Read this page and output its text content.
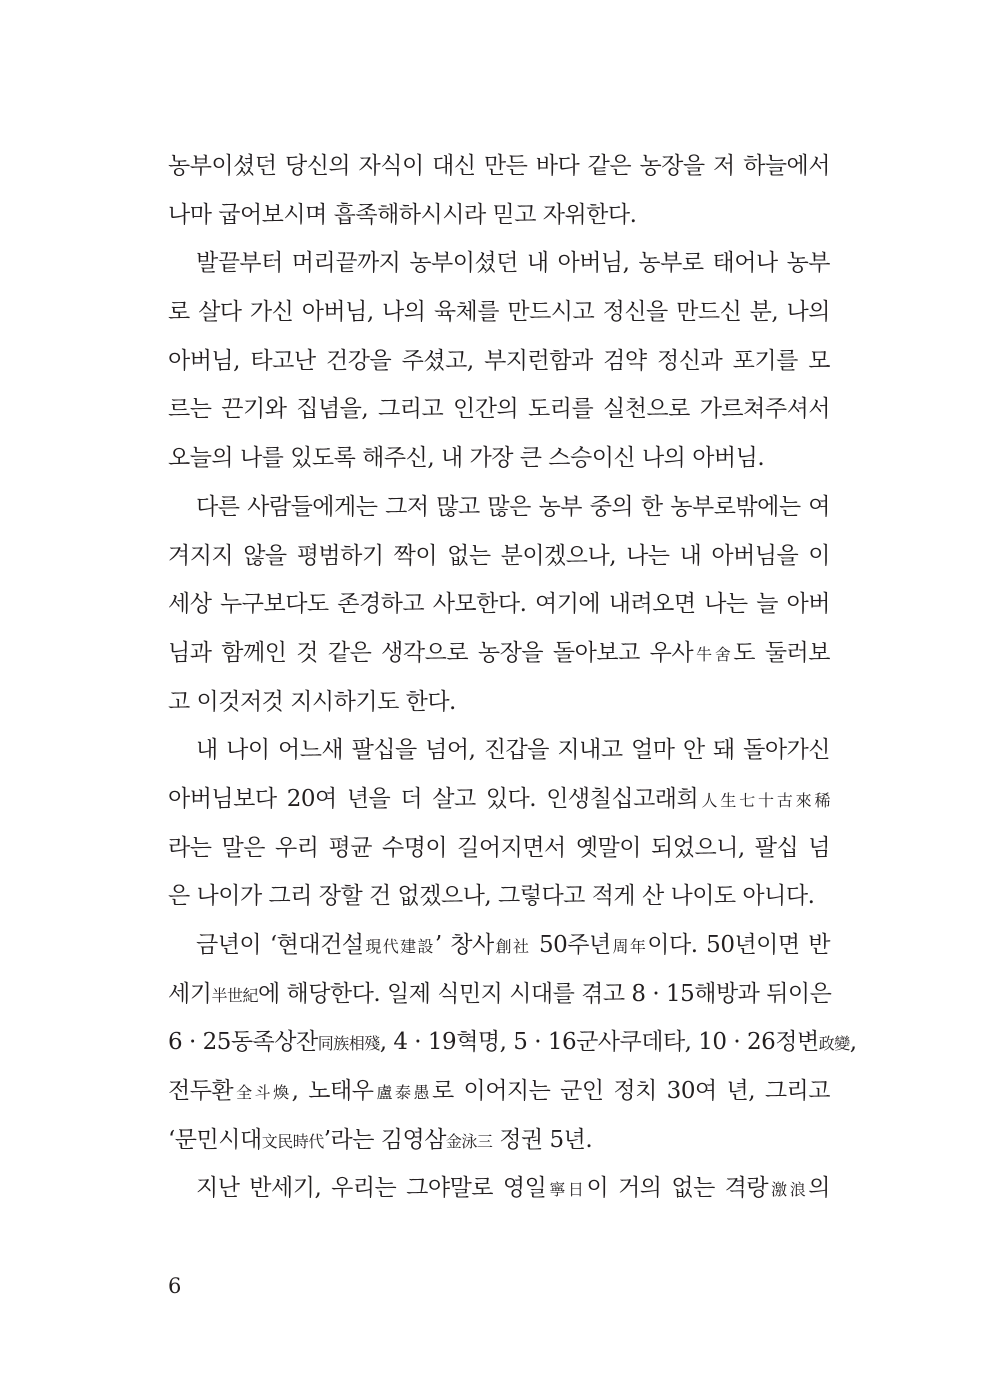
농부이셨던 당신의 자식이 대신 만든 바다 같은 농장을 저 하늘에서
나마 굽어보시며 흡족해하시시라 믿고 자위한다.
발끝부터 머리끝까지 농부이셨던 내 아버님, 농부로 태어나 농부
로 살다 가신 아버님, 나의 육체를 만드시고 정신을 만드신 분, 나의
아버님, 타고난 건강을 주셨고, 부지런함과 검약 정신과 포기를 모
르는 끈기와 집념을, 그리고 인간의 도리를 실천으로 가르쳐주셔서
오늘의 나를 있도록 해주신, 내 가장 큰 스승이신 나의 아버님.
다른 사람들에게는 그저 많고 많은 농부 중의 한 농부로밖에는 여
겨지지 않을 평범하기 짝이 없는 분이겠으나, 나는 내 아버님을 이
세상 누구보다도 존경하고 사모한다. 여기에 내려오면 나는 늘 아버
님과 함께인 것 같은 생각으로 농장을 돌아보고 우사牛舍도 둘러보
고 이것저것 지시하기도 한다.
내 나이 어느새 팔십을 넘어, 진갑을 지내고 얼마 안 돼 돌아가신
아버님보다 20여 년을 더 살고 있다. 인생칠십고래희人生七十古來稀
라는 말은 우리 평균 수명이 길어지면서 옛말이 되었으니, 팔십 넘
은 나이가 그리 장할 건 없겠으나, 그렇다고 적게 산 나이도 아니다.
금년이 ‘현대건설現代建設’ 창사創社 50주년周年이다. 50년이면 반
세기半世紀에 해당한다. 일제 식민지 시대를 겪고 8 · 15해방과 뒤이은
6 · 25동족상잔同族相殘, 4 · 19혁명, 5 · 16군사쿠데타, 10 · 26정변政變,
전두환全斗煥, 노태우盧泰愚로 이어지는 군인 정치 30여 년, 그리고
‘문민시대文民時代’라는 김영삼金泳三 정권 5년.
지난 반세기, 우리는 그야말로 영일寧日이 거의 없는 격랑激浪의
6
